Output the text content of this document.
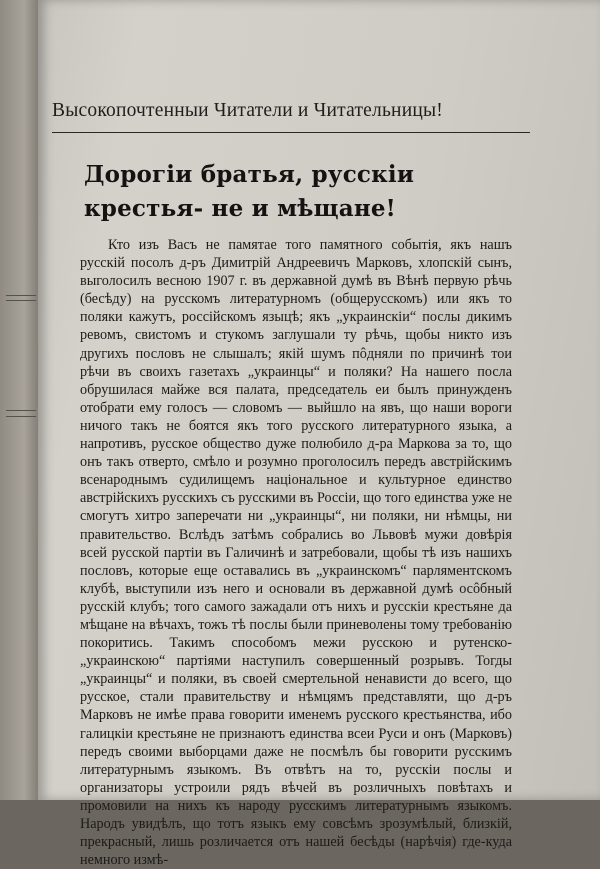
Высокопочтенныи Читатели и Читательницы!
Дорогіи братья, русскіи крестья- не и мѣщане!

Кто изъ Васъ не памятае того памятного событія, якъ нашъ русскій посолъ д-ръ Димитрій Андреевичъ Марковъ, хлопскій сынъ, выголосилъ весною 1907 г. въ державной думѣ въ Вѣнѣ первую рѣчь (бесѣду) на русскомъ литературномъ (общерусскомъ) или якъ то поляки кажутъ, россійскомъ языцѣ; якъ „украинскіи“ послы дикимъ ревомъ, свистомъ и стукомъ заглушали ту рѣчь, щобы никто изъ другихъ пословъ не слышалъ; якій шумъ пôдняли по причинѣ тои рѣчи въ своихъ газетахъ „украинцы“ и поляки? На нашего посла обрушилася майже вся палата, председатель еи былъ принужденъ отобрати ему голосъ — словомъ — выйшло на явъ, що наши вороги ничого такъ не боятся якъ того русского литературного языка, а напротивъ, русское общество дуже полюбило д-ра Маркова за то, що онъ такъ отверто, смѣло и розумно проголосилъ передъ австрійскимъ всенароднымъ судилищемъ національное и культурное единство австрійскихъ русскихъ съ русскими въ Россіи, що того единства уже не смогутъ хитро заперечати ни „украинцы“, ни поляки, ни нѣмцы, ни правительство. Вслѣдъ затѣмъ собрались во Львовѣ мужи довѣрія всей русской партіи въ Галичинѣ и затребовали, щобы тѣ изъ нашихъ пословъ, которые еще оставались въ „украинскомъ“ парляментскомъ клубѣ, выступили изъ него и основали въ державной думѣ осôбный русскій клубъ; того самого зажадали отъ нихъ и русскіи крестьяне да мѣщане на вѣчахъ, тожъ тѣ послы были приневолены тому требованію покоритись. Такимъ способомъ межи русскою и рутенско-„украинскою“ партіями наступилъ совершенный розрывъ. Тогды „украинцы“ и поляки, въ своей смертельной ненависти до всего, що русское, стали правительству и нѣмцямъ представляти, що д-ръ Марковъ не имѣе права говорити именемъ русского крестьянства, ибо галицкіи крестьяне не признаютъ единства всеи Руси и онъ (Марковъ) передъ своими выборцами даже не посмѣлъ бы говорити русскимъ литературнымъ языкомъ. Въ отвѣтъ на то, русскіи послы и организаторы устроили рядъ вѣчей въ розличныхъ повѣтахъ и промовили на нихъ къ народу русскимъ литературнымъ языкомъ. Народъ увидѣлъ, що тотъ языкъ ему совсѣмъ зрозумѣлый, близкій, прекрасный, лишь розличается отъ нашей бесѣды (нарѣчія) где-куда немного измѣ-
